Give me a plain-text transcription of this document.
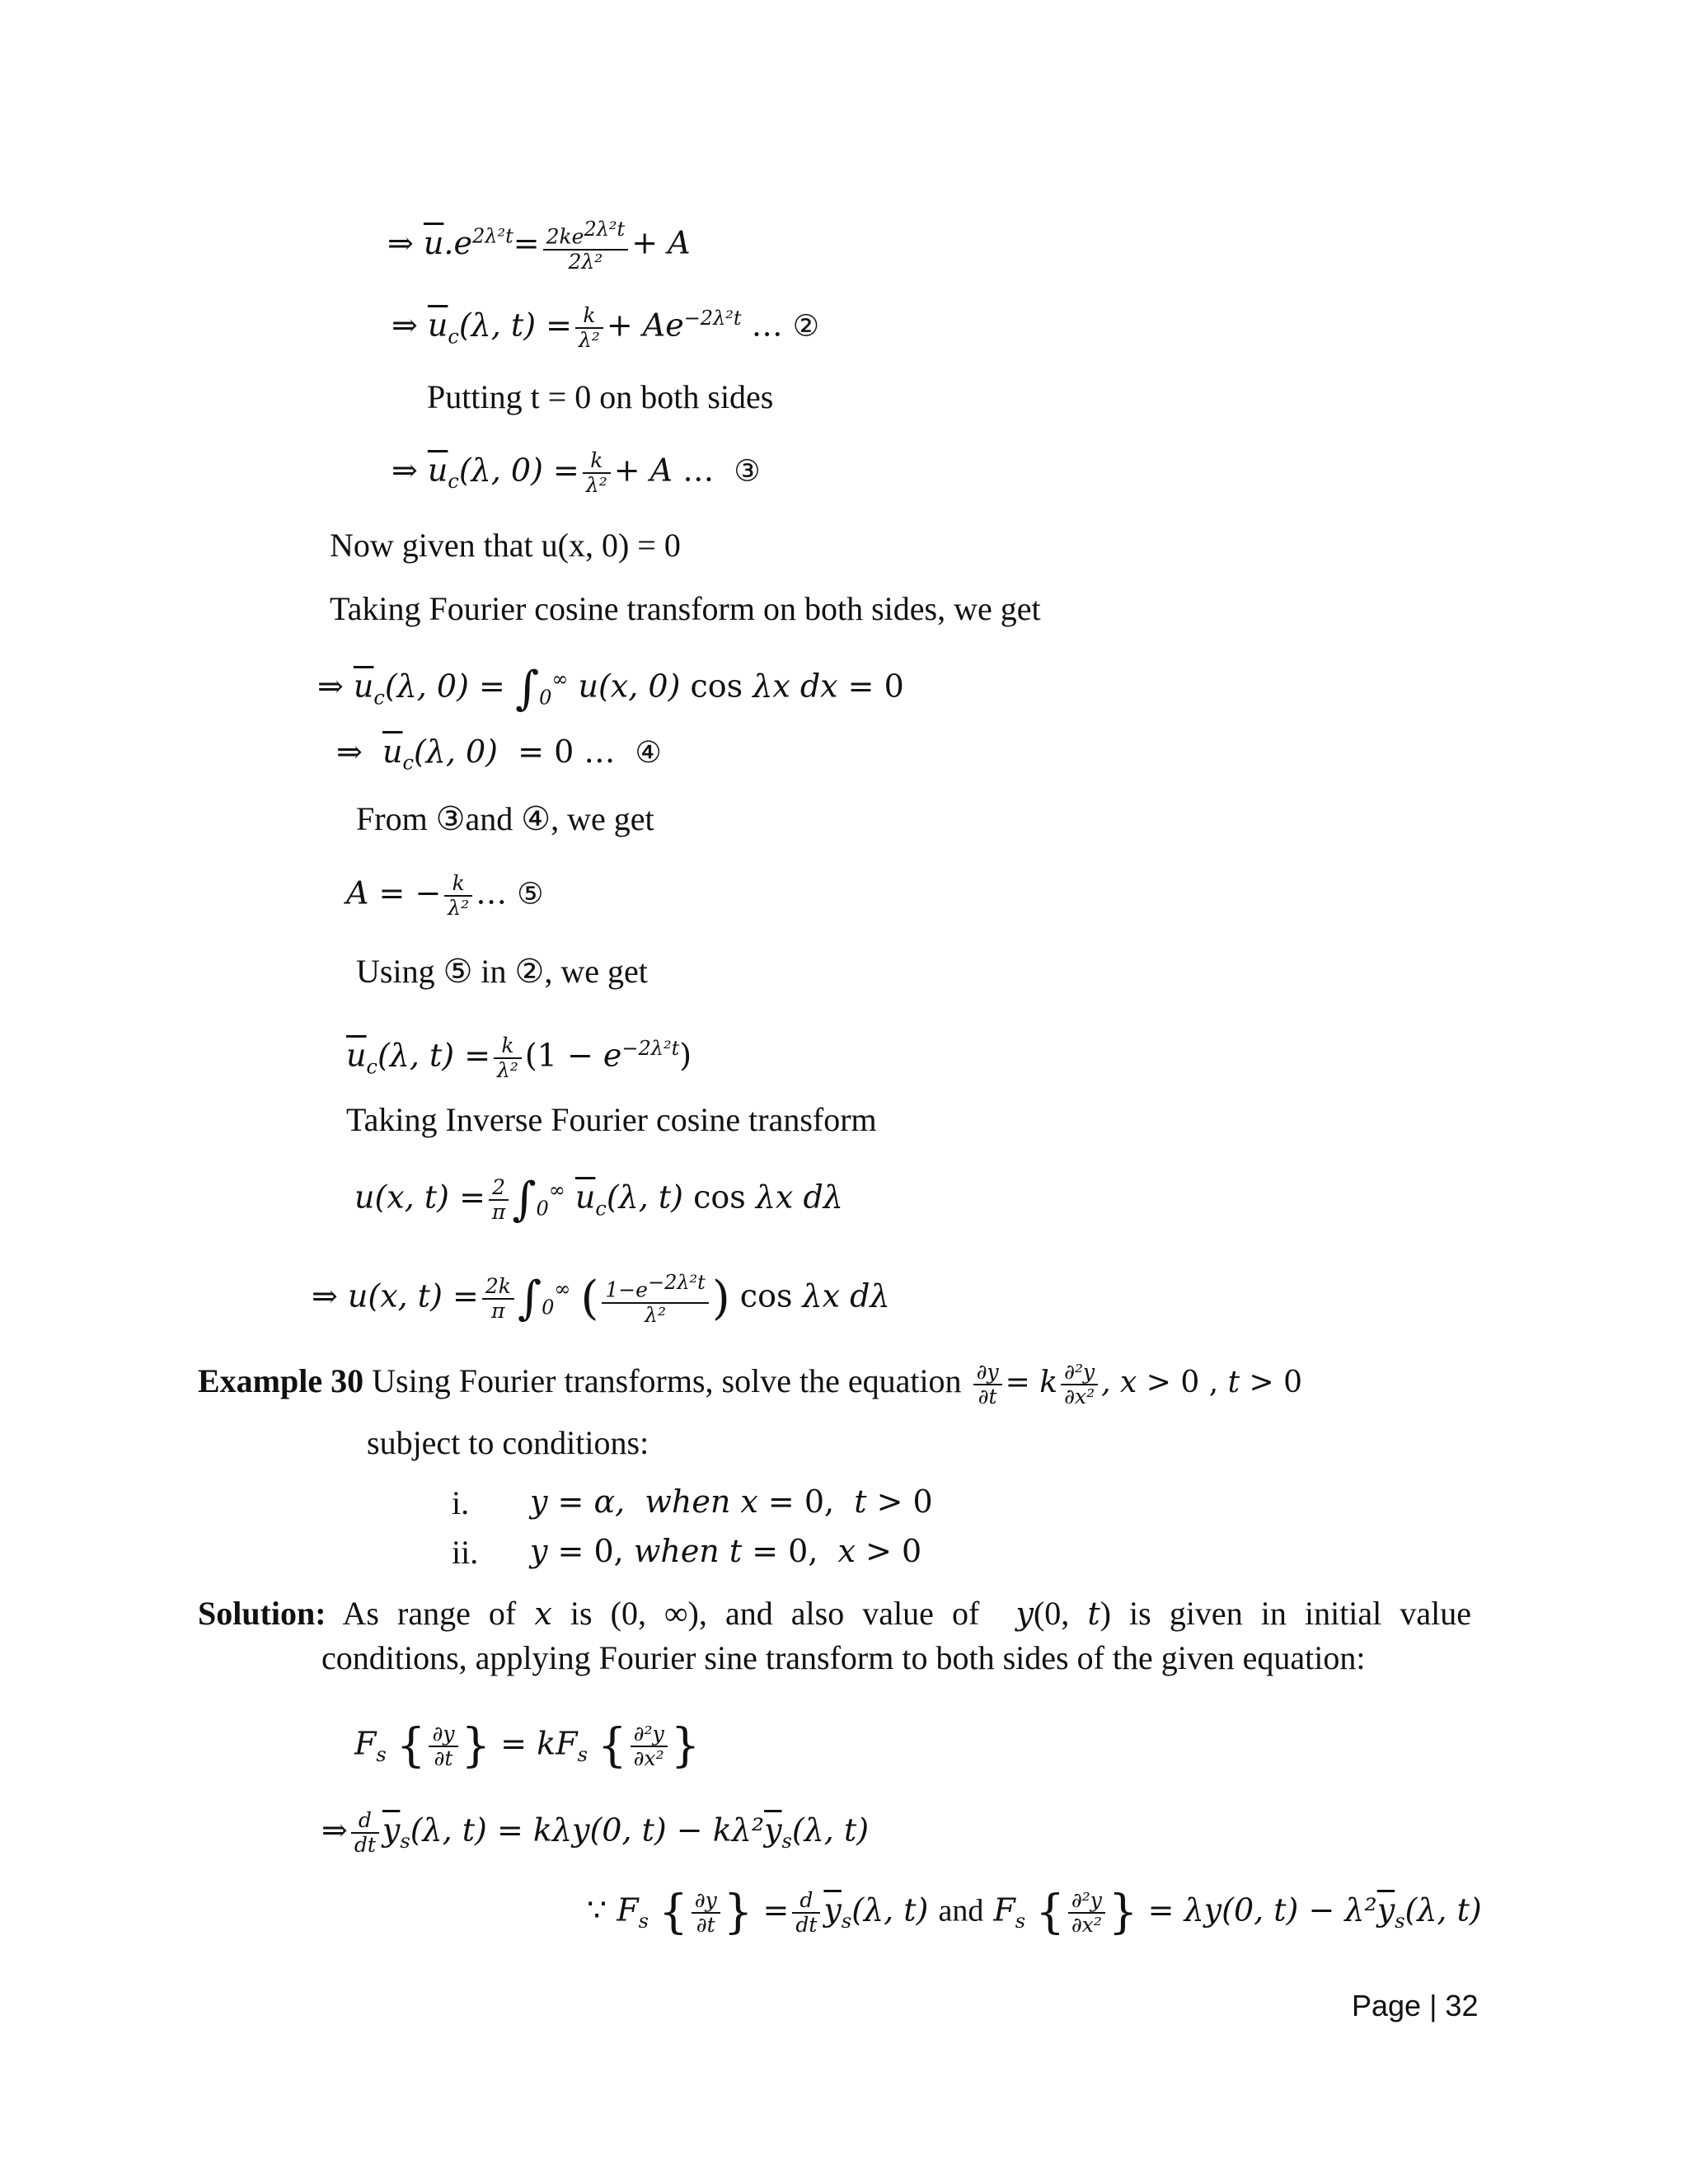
⇒ $\overline{u}.e^{2\lambda^2t}= \frac{2ke^{2\lambda^2t}}{\text{2λ²}} + A$
⇒ $\overline{u}_c(\lambda$, $t) = \frac{k}{\text{λ²}} + Ae^{-2\lambda^2t}$ … ②
Putting t = 0 on both sides
⇒ $\overline{u}_c(\lambda$, $0) = \frac{k}{\text{λ²}} + A$ … ③
Now given that u(x, 0) = 0
Taking Fourier cosine transform on both sides, we get
⇒ $\overline{u}_c(\lambda$, $0) = \int_0^\infty$ u(x, 0) cos λx dx = 0
⇒  $\overline{u}_c(\lambda$, 0)  = 0 … ④
From ③and ④, we get
A = − $\frac{k}{\text{λ²}}$ … ⑤
Using ⑤ in ②, we get
$\overline{u}_c(\lambda$, $t) = \frac{k}{\text{λ²}} (1 - e^{-2\lambda^2t})$
Taking Inverse Fourier cosine transform
u(x, $t) = \frac{2}{\pi} \int_0^\infty$ $\overline{u}_c(\lambda$, t) cos λx dλ
⇒ u(x, $t) = \frac{2k}{\pi} \int_0^\infty$ ( $\frac{1-e^{-2\lambda^2t}}{\text{λ²}}$ ) cos λx dλ
Example 30 Using Fourier transforms, solve the equation $\frac{\partial y}{\partial t} = k \frac{\text{∂²y}}{\text{∂x²}}$ , x > 0 , t > 0
subject to conditions:
i. y = α,  when x = 0,  t > 0
ii. y = 0, when t = 0,  x > 0
Solution: As range of x is (0, ∞), and also value of  y(0, t) is given in initial value
conditions, applying Fourier sine transform to both sides of the given equation:
$F_s$ { $\frac{\partial y}{\partial t}$ } = $kF_s$ { $\frac{\text{∂²y}}{\text{∂x²}}$ }
⇒ $\frac{d}{dt} \overline{y}_s(\lambda$, t) = kλy(0, $t) - k\lambda^2\overline{y}_s(\lambda$, t)
∵ $F_s$ { $\frac{\partial y}{\partial t}$ } = $\frac{d}{dt} \overline{y}_s(\lambda$, t) and $F_s$ { $\frac{\text{∂²y}}{\text{∂x²}}$ } = λy(0, $t) - \lambda^2\overline{y}_s(\lambda$, t)
Page | 32
